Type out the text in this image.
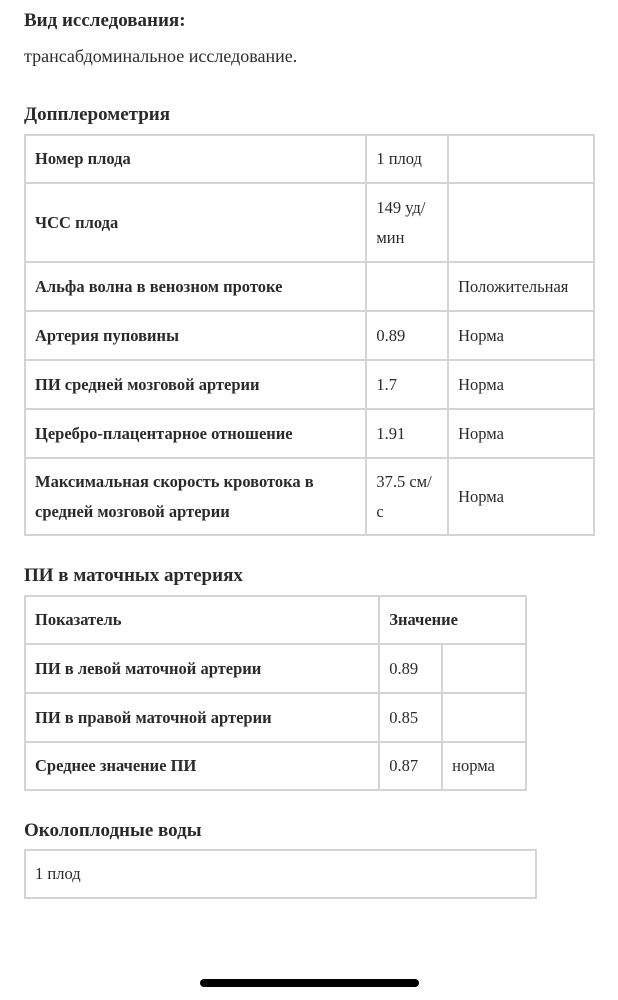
Вид исследования:
трансабдоминальное исследование.
Допплерометрия
Номер плода	1 плод	
ЧСС плода	149 уд/ мин	
Альфа волна в венозном протоке		Положительная
Артерия пуповины	0.89	Норма
ПИ средней мозговой артерии	1.7	Норма
Церебро-плацентарное отношение	1.91	Норма
Максимальная скорость кровотока в средней мозговой артерии	37.5 см/ с	Норма
ПИ в маточных артериях
Показатель	Значение	
ПИ в левой маточной артерии	0.89	
ПИ в правой маточной артерии	0.85	
Среднее значение ПИ	0.87	норма
Околоплодные воды
1 плод
